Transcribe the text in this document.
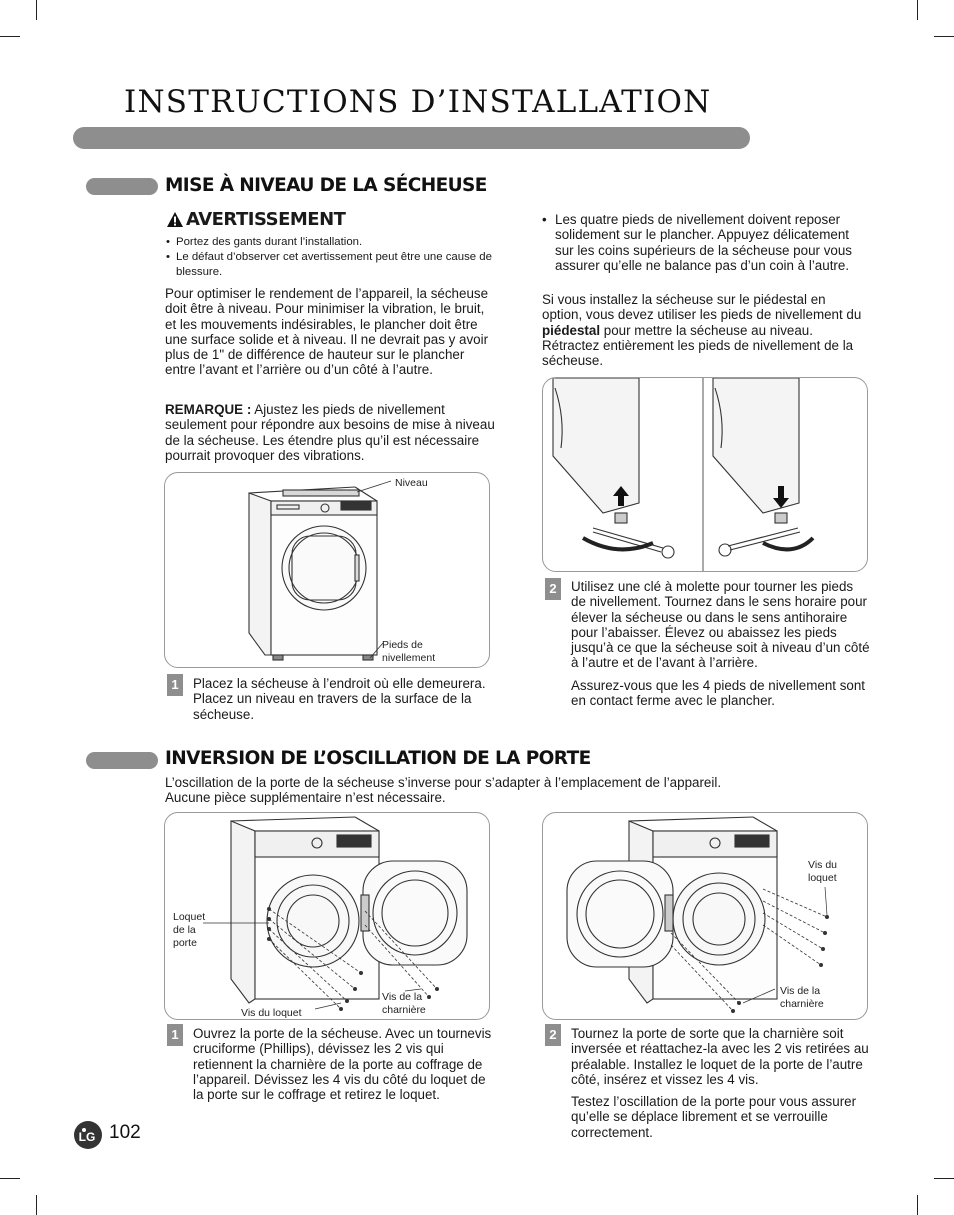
INSTRUCTIONS D’INSTALLATION
MISE À NIVEAU DE LA SÉCHEUSE
AVERTISSEMENT
• Portez des gants durant l’installation.
• Le défaut d’observer cet avertissement peut être une cause de blessure.
Pour optimiser le rendement de l’appareil, la sécheuse doit être à niveau. Pour minimiser la vibration, le bruit, et les mouvements indésirables, le plancher doit être une surface solide et à niveau. Il ne devrait pas y avoir plus de 1" de différence de hauteur sur le plancher entre l’avant et l’arrière ou d’un côté à l’autre.
REMARQUE : Ajustez les pieds de nivellement seulement pour répondre aux besoins de mise à niveau de la sécheuse. Les étendre plus qu’il est nécessaire pourrait provoquer des vibrations.
Niveau
Pieds de
nivellement
1	Placez la sécheuse à l’endroit où elle demeurera. Placez un niveau en travers de la surface de la sécheuse.
• Les quatre pieds de nivellement doivent reposer solidement sur le plancher. Appuyez délicatement sur les coins supérieurs de la sécheuse pour vous assurer qu’elle ne balance pas d’un coin à l’autre.
Si vous installez la sécheuse sur le piédestal en option, vous devez utiliser les pieds de nivellement du piédestal pour mettre la sécheuse au niveau. Rétractez entièrement les pieds de nivellement de la sécheuse.
2	Utilisez une clé à molette pour tourner les pieds de nivellement. Tournez dans le sens horaire pour élever la sécheuse ou dans le sens antihoraire pour l’abaisser. Élevez ou abaissez les pieds jusqu’à ce que la sécheuse soit à niveau d’un côté à l’autre et de l’avant à l’arrière.

Assurez-vous que les 4 pieds de nivellement sont en contact ferme avec le plancher.

INVERSION DE L’OSCILLATION DE LA PORTE
L’oscillation de la porte de la sécheuse s’inverse pour s’adapter à l’emplacement de l’appareil.
Aucune pièce supplémentaire n’est nécessaire.
Loquet
de la
porte
Vis du loquet
Vis de la
charnière
1	Ouvrez la porte de la sécheuse. Avec un tournevis cruciforme (Phillips), dévissez les 2 vis qui retiennent la charnière de la porte au coffrage de l’appareil. Dévissez les 4 vis du côté du loquet de la porte sur le coffrage et retirez le loquet.
Vis du
loquet
Vis de la
charnière
2	Tournez la porte de sorte que la charnière soit inversée et réattachez-la avec les 2 vis retirées au préalable. Installez le loquet de la porte de l’autre côté, insérez et vissez les 4 vis.

Testez l’oscillation de la porte pour vous assurer qu’elle se déplace librement et se verrouille correctement.

LG 102
